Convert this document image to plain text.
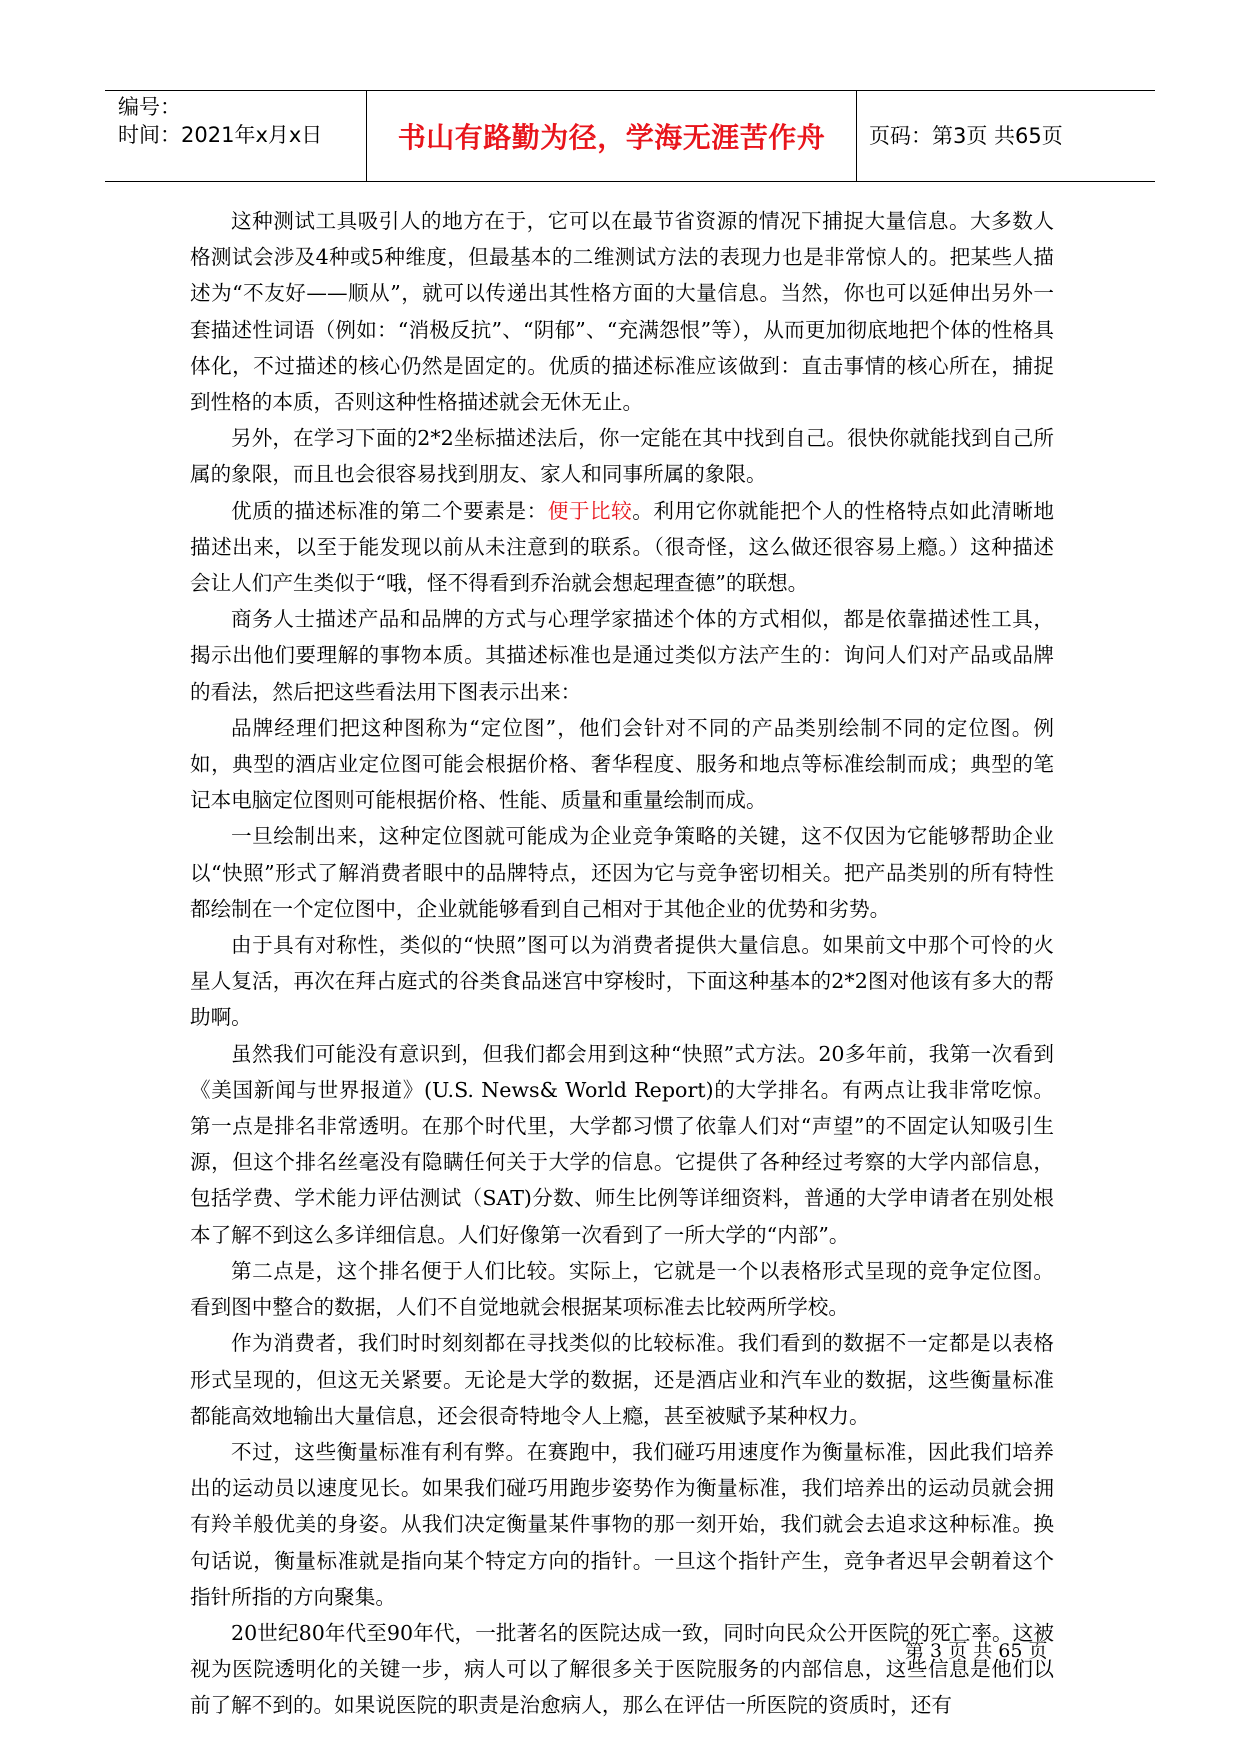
编号：
时间：2021年x月x日	书山有路勤为径，学海无涯苦作舟 页码：第3页 共65页

这种测试工具吸引人的地方在于，它可以在最节省资源的情况下捕捉大量信息。大多数人格测试会涉及4种或5种维度，但最基本的二维测试方法的表现力也是非常惊人的。把某些人描述为“不友好——顺从”，就可以传递出其性格方面的大量信息。当然，你也可以延伸出另外一套描述性词语（例如：“消极反抗”、“阴郁”、“充满怨恨”等），从而更加彻底地把个体的性格具体化，不过描述的核心仍然是固定的。优质的描述标准应该做到：直击事情的核心所在，捕捉到性格的本质，否则这种性格描述就会无休无止。

另外，在学习下面的2*2坐标描述法后，你一定能在其中找到自己。很快你就能找到自己所属的象限，而且也会很容易找到朋友、家人和同事所属的象限。

优质的描述标准的第二个要素是：便于比较。利用它你就能把个人的性格特点如此清晰地描述出来，以至于能发现以前从未注意到的联系。（很奇怪，这么做还很容易上瘾。）这种描述会让人们产生类似于“哦，怪不得看到乔治就会想起理查德”的联想。

商务人士描述产品和品牌的方式与心理学家描述个体的方式相似，都是依靠描述性工具，揭示出他们要理解的事物本质。其描述标准也是通过类似方法产生的：询问人们对产品或品牌的看法，然后把这些看法用下图表示出来：

品牌经理们把这种图称为“定位图”，他们会针对不同的产品类别绘制不同的定位图。例如，典型的酒店业定位图可能会根据价格、奢华程度、服务和地点等标准绘制而成；典型的笔记本电脑定位图则可能根据价格、性能、质量和重量绘制而成。

一旦绘制出来，这种定位图就可能成为企业竞争策略的关键，这不仅因为它能够帮助企业以“快照”形式了解消费者眼中的品牌特点，还因为它与竞争密切相关。把产品类别的所有特性都绘制在一个定位图中，企业就能够看到自己相对于其他企业的优势和劣势。

由于具有对称性，类似的“快照”图可以为消费者提供大量信息。如果前文中那个可怜的火星人复活，再次在拜占庭式的谷类食品迷宫中穿梭时，下面这种基本的2*2图对他该有多大的帮助啊。

虽然我们可能没有意识到，但我们都会用到这种“快照”式方法。20多年前，我第一次看到《美国新闻与世界报道》(U.S. News& World Report)的大学排名。有两点让我非常吃惊。第一点是排名非常透明。在那个时代里，大学都习惯了依靠人们对“声望”的不固定认知吸引生源，但这个排名丝毫没有隐瞒任何关于大学的信息。它提供了各种经过考察的大学内部信息，包括学费、学术能力评估测试（SAT)分数、师生比例等详细资料，普通的大学申请者在别处根本了解不到这么多详细信息。人们好像第一次看到了一所大学的“内部”。

第二点是，这个排名便于人们比较。实际上，它就是一个以表格形式呈现的竞争定位图。看到图中整合的数据，人们不自觉地就会根据某项标准去比较两所学校。

作为消费者，我们时时刻刻都在寻找类似的比较标准。我们看到的数据不一定都是以表格形式呈现的，但这无关紧要。无论是大学的数据，还是酒店业和汽车业的数据，这些衡量标准都能高效地输出大量信息，还会很奇特地令人上瘾，甚至被赋予某种权力。

不过，这些衡量标准有利有弊。在赛跑中，我们碰巧用速度作为衡量标准，因此我们培养出的运动员以速度见长。如果我们碰巧用跑步姿势作为衡量标准，我们培养出的运动员就会拥有羚羊般优美的身姿。从我们决定衡量某件事物的那一刻开始，我们就会去追求这种标准。换句话说，衡量标准就是指向某个特定方向的指针。一旦这个指针产生，竞争者迟早会朝着这个指针所指的方向聚集。

20世纪80年代至90年代，一批著名的医院达成一致，同时向民众公开医院的死亡率。这被视为医院透明化的关键一步，病人可以了解很多关于医院服务的内部信息，这些信息是他们以前了解不到的。如果说医院的职责是治愈病人，那么在评估一所医院的资质时，还有

第 3 页 共 65 页
